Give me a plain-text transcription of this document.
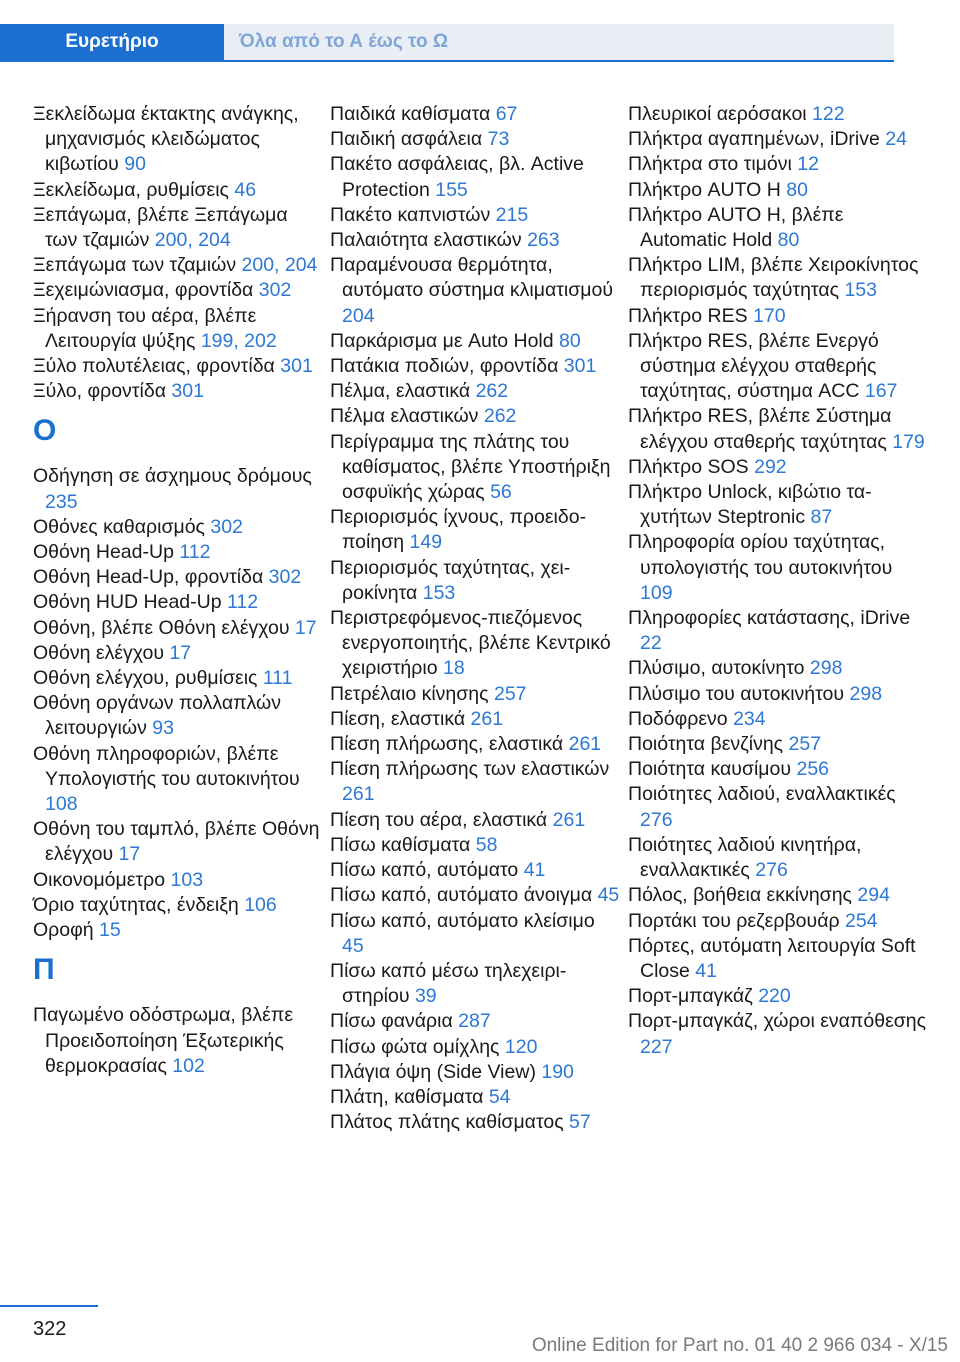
Ευρετήριο	Όλα από το Α έως το Ω
Ξεκλείδωμα έκτακτης ανάγκης, μηχανισμός κλειδώματος κιβωτίου 90
Ξεκλείδωμα, ρυθμίσεις 46
Ξεπάγωμα, βλέπε Ξεπάγωμα των τζαμιών 200, 204
Ξεπάγωμα των τζαμιών 200, 204
Ξεχειμώνιασμα, φροντίδα 302
Ξήρανση του αέρα, βλέπε Λειτουργία ψύξης 199, 202
Ξύλο πολυτέλειας, φροντίδα 301
Ξύλο, φροντίδα 301
Ο
Οδήγηση σε άσχημους δρόμους 235
Οθόνες καθαρισμός 302
Οθόνη Head-Up 112
Οθόνη Head-Up, φροντίδα 302
Οθόνη HUD Head-Up 112
Οθόνη, βλέπε Οθόνη ελέγχου 17
Οθόνη ελέγχου 17
Οθόνη ελέγχου, ρυθμίσεις 111
Οθόνη οργάνων πολλαπλών λειτουργιών 93
Οθόνη πληροφοριών, βλέπε Υπολογιστής του αυτοκινήτου 108
Οθόνη του ταμπλό, βλέπε Οθόνη ελέγχου 17
Οικονομόμετρο 103
Όριο ταχύτητας, ένδειξη 106
Οροφή 15
Π
Παγωμένο οδόστρωμα, βλέπε Προειδοποίηση Έξωτερικής θερμοκρασίας 102
Παιδικά καθίσματα 67
Παιδική ασφάλεια 73
Πακέτο ασφάλειας, βλ. Active Protection 155
Πακέτο καπνιστών 215
Παλαιότητα ελαστικών 263
Παραμένουσα θερμότητα, αυτόματο σύστημα κλιματισμού 204
Παρκάρισμα με Auto Hold 80
Πατάκια ποδιών, φροντίδα 301
Πέλμα, ελαστικά 262
Πέλμα ελαστικών 262
Περίγραμμα της πλάτης του καθίσματος, βλέπε Υποστήριξη οσφυϊκής χώρας 56
Περιορισμός ίχνους, προειδοποίηση 149
Περιορισμός ταχύτητας, χειροκίνητα 153
Περιστρεφόμενος-πιεζόμενος ενεργοποιητής, βλέπε Κεντρικό χειριστήριο 18
Πετρέλαιο κίνησης 257
Πίεση, ελαστικά 261
Πίεση πλήρωσης, ελαστικά 261
Πίεση πλήρωσης των ελαστικών 261
Πίεση του αέρα, ελαστικά 261
Πίσω καθίσματα 58
Πίσω καπό, αυτόματο 41
Πίσω καπό, αυτόματο άνοιγμα 45
Πίσω καπό, αυτόματο κλείσιμο 45
Πίσω καπό μέσω τηλεχειριστηρίου 39
Πίσω φανάρια 287
Πίσω φώτα ομίχλης 120
Πλάγια όψη (Side View) 190
Πλάτη, καθίσματα 54
Πλάτος πλάτης καθίσματος 57
Πλευρικοί αερόσακοι 122
Πλήκτρα αγαπημένων, iDrive 24
Πλήκτρα στο τιμόνι 12
Πλήκτρο AUTO H 80
Πλήκτρο AUTO H, βλέπε Automatic Hold 80
Πλήκτρο LIM, βλέπε Χειροκίνητος περιορισμός ταχύτητας 153
Πλήκτρο RES 170
Πλήκτρο RES, βλέπε Ενεργό σύστημα ελέγχου σταθερής ταχύτητας, σύστημα ACC 167
Πλήκτρο RES, βλέπε Σύστημα ελέγχου σταθερής ταχύτητας 179
Πλήκτρο SOS 292
Πλήκτρο Unlock, κιβώτιο ταχυτήτων Steptronic 87
Πληροφορία ορίου ταχύτητας, υπολογιστής του αυτοκινήτου 109
Πληροφορίες κατάστασης, iDrive 22
Πλύσιμο, αυτοκίνητο 298
Πλύσιμο του αυτοκινήτου 298
Ποδόφρενο 234
Ποιότητα βενζίνης 257
Ποιότητα καυσίμου 256
Ποιότητες λαδιού, εναλλακτικές 276
Ποιότητες λαδιού κινητήρα, εναλλακτικές 276
Πόλος, βοήθεια εκκίνησης 294
Πορτάκι του ρεζερβουάρ 254
Πόρτες, αυτόματη λειτουργία Soft Close 41
Πορτ-μπαγκάζ 220
Πορτ-μπαγκάζ, χώροι εναπόθεσης 227
322
Online Edition for Part no. 01 40 2 966 034 - X/15
